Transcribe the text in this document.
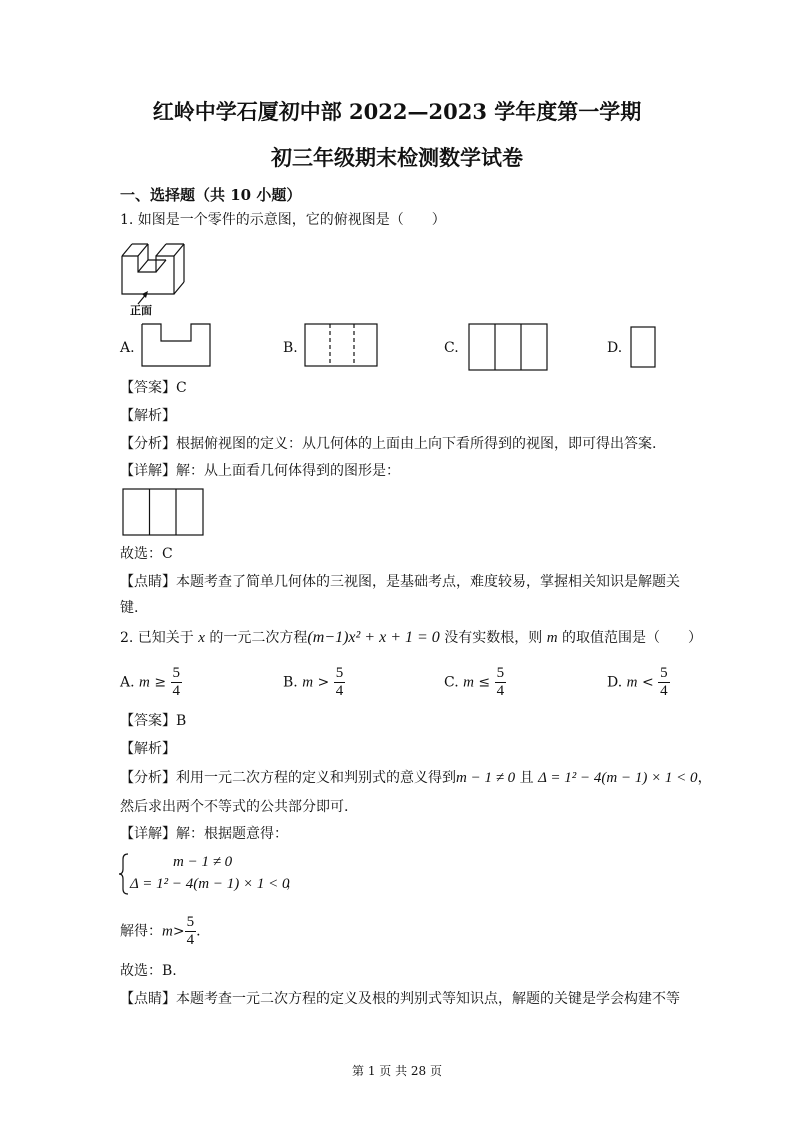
红岭中学石厦初中部 2022—2023 学年度第一学期
初三年级期末检测数学试卷
一、选择题（共 10 小题）
1. 如图是一个零件的示意图，它的俯视图是（　　）
正面
A.	B.	C.	D.
【答案】C
【解析】
【分析】根据俯视图的定义：从几何体的上面由上向下看所得到的视图，即可得出答案.
【详解】解：从上面看几何体得到的图形是：
故选：C
【点睛】本题考查了简单几何体的三视图，是基础考点，难度较易，掌握相关知识是解题关
键.
2. 已知关于 x 的一元二次方程(m−1)x² + x + 1 = 0 没有实数根，则 m 的取值范围是（　　）
A. $m \ge \frac{5}{4}$	B. $m > \frac{5}{4}$	C. $m \le \frac{5}{4}$	D. $m < \frac{5}{4}$
【答案】B
【解析】
【分析】利用一元二次方程的定义和判别式的意义得到m − 1 ≠ 0 且 Δ = 1² − 4(m − 1) × 1 < 0，
然后求出两个不等式的公共部分即可.
【详解】解：根据题意得：
m − 1 ≠ 0
Δ = 1² − 4(m − 1) × 1 < 0
，
解得：$m> \frac{5}{4}$ .
故选：B.
【点睛】本题考查一元二次方程的定义及根的判别式等知识点，解题的关键是学会构建不等
第 1 页 共 28 页
